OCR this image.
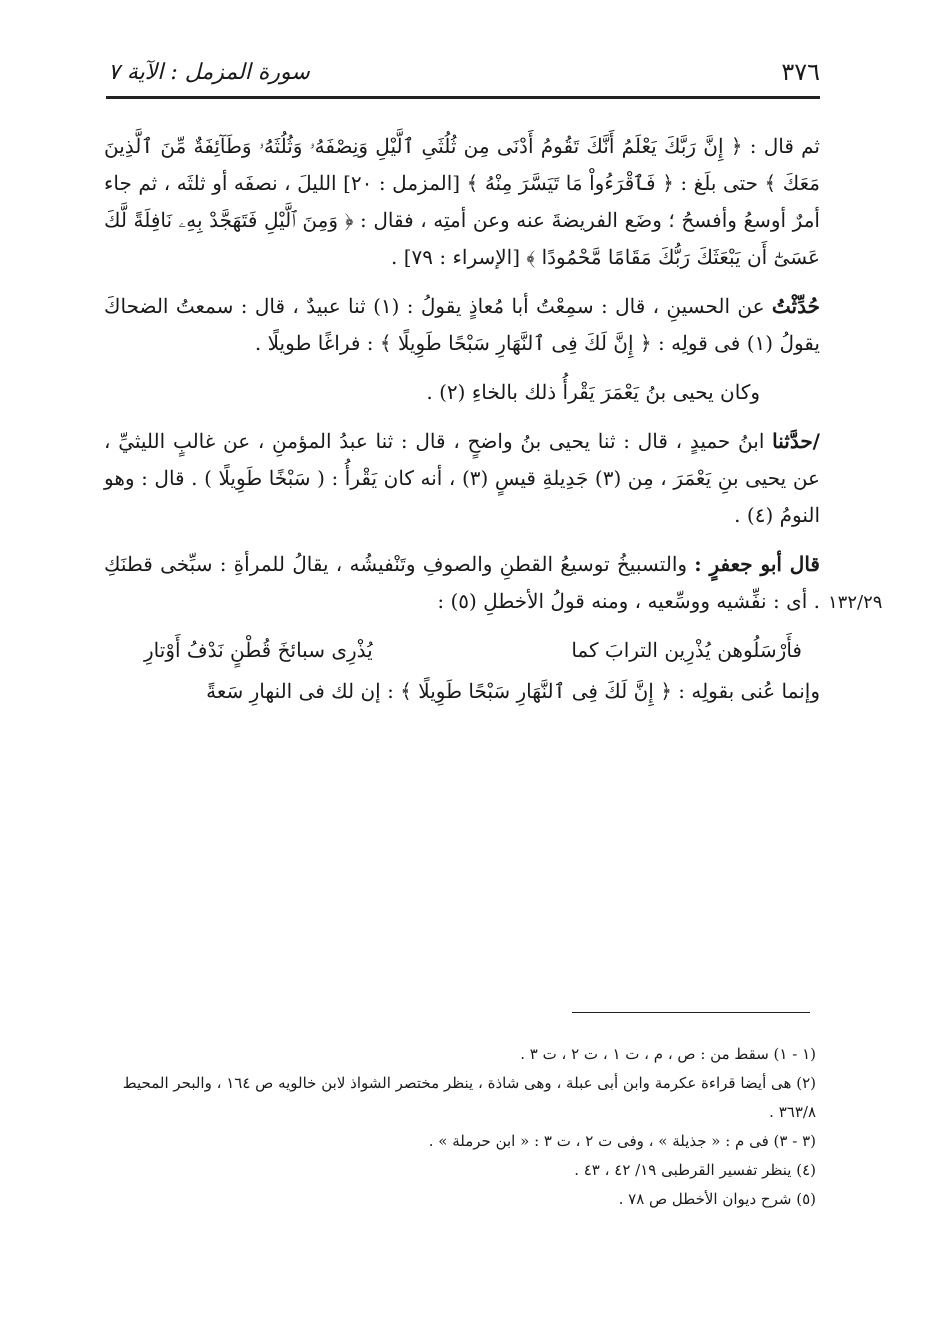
٣٧٦
سورة المزمل : الآية ٧
١٣٢/٢٩

ثم قال : ﴿ إِنَّ رَبَّكَ يَعْلَمُ أَنَّكَ تَقُومُ أَدْنَى مِن ثُلُثَىِ ٱلَّيْلِ وَنِصْفَهُۥ وَثُلُثَهُۥ وَطَآئِفَةٌ مِّنَ ٱلَّذِينَ مَعَكَ ﴾ حتى بلَغ : ﴿ فَٱقْرَءُواْ مَا تَيَسَّرَ مِنْهُ ﴾ [المزمل : ٢٠] الليلَ ، نصفَه أو ثلثَه ، ثم جاء أمرٌ أوسعُ وأفسحُ ؛ وضَع الفريضةَ عنه وعن أمتِه ، فقال : ﴿ وَمِنَ ٱلَّيْلِ فَتَهَجَّدْ بِهِۦ نَافِلَةً لَّكَ عَسَىٰٓ أَن يَبْعَثَكَ رَبُّكَ مَقَامًا مَّحْمُودًا ﴾ [الإسراء : ٧٩] .

حُدِّثْتُ عن الحسينِ ، قال : سمِعْتُ أبا مُعاذٍ يقولُ : (١) ثنا عبيدٌ ، قال : سمعتُ الضحاكَ يقولُ (١) فى قولِه : ﴿ إِنَّ لَكَ فِى ٱلنَّهَارِ سَبْحًا طَوِيلًا ﴾ : فراغًا طويلًا .

وكان يحيى بنُ يَعْمَرَ يَقْرأُ ذلك بالخاءِ (٢) .

/حدَّثنا ابنُ حميدٍ ، قال : ثنا يحيى بنُ واضحٍ ، قال : ثنا عبدُ المؤمنِ ، عن غالبٍ الليثيِّ ، عن يحيى بنِ يَعْمَرَ ، مِن (٣) جَدِيلةِ قيسٍ (٣) ، أنه كان يَقْرأُ : ( سَبْخًا طَوِيلًا ) . قال : وهو النومُ (٤) .

قال أبو جعفرٍ : والتسبيخُ توسيعُ القطنِ والصوفِ وتَنْفيشُه ، يقالُ للمرأةِ : سبِّخى قطنَكِ . أى : نفِّشيه ووسِّعيه ، ومنه قولُ الأخطلِ (٥) :

فأَرْسَلُوهن يُذْرِين الترابَ كما
يُذْرِى سبائخَ قُطْنٍ نَدْفُ أَوْتارِ

وإنما عُنى بقولِه : ﴿ إِنَّ لَكَ فِى ٱلنَّهَارِ سَبْحًا طَوِيلًا ﴾ : إن لك فى النهارِ سَعةً

(١ - ١) سقط من : ص ، م ، ت ١ ، ت ٢ ، ت ٣ .
(٢) هى أيضا قراءة عكرمة وابن أبى عبلة ، وهى شاذة ، ينظر مختصر الشواذ لابن خالويه ص ١٦٤ ، والبحر المحيط ٣٦٣/٨ .
(٣ - ٣) فى م : « جذيلة » ، وفى ت ٢ ، ت ٣ : « ابن حرملة » .
(٤) ينظر تفسير القرطبى ١٩/ ٤٢ ، ٤٣ .
(٥) شرح ديوان الأخطل ص ٧٨ .
